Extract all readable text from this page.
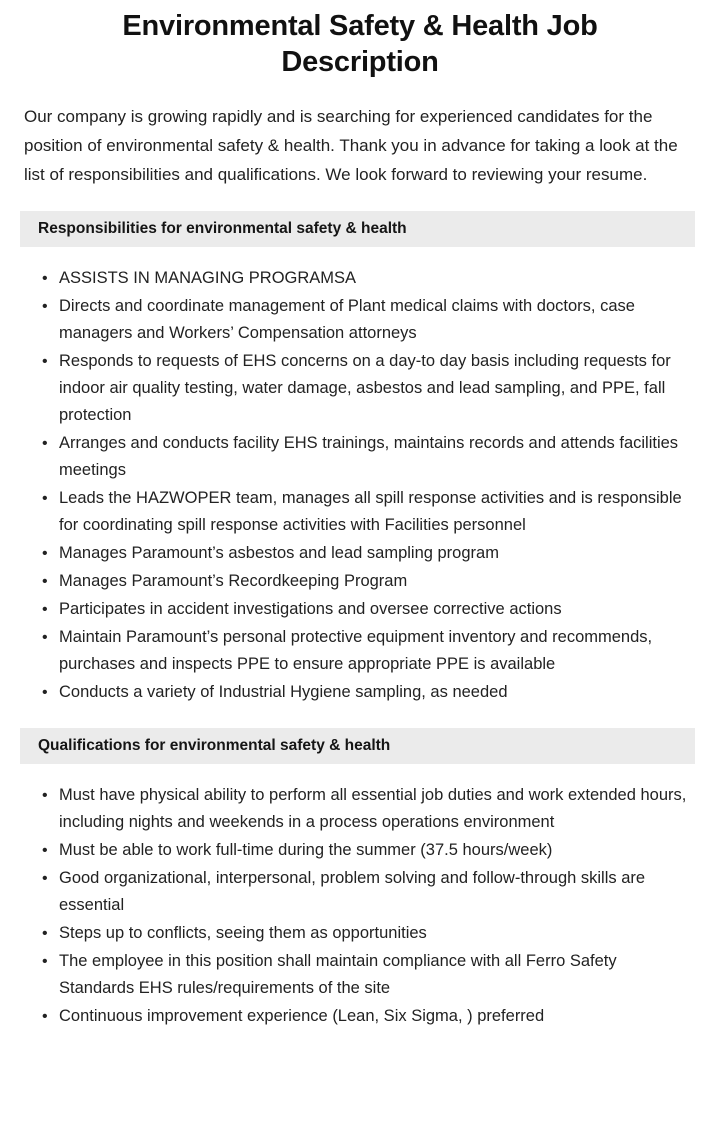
Environmental Safety & Health Job Description

Our company is growing rapidly and is searching for experienced candidates for the position of environmental safety & health. Thank you in advance for taking a look at the list of responsibilities and qualifications. We look forward to reviewing your resume.

Responsibilities for environmental safety & health
• ASSISTS IN MANAGING PROGRAMSA
• Directs and coordinate management of Plant medical claims with doctors, case managers and Workers’ Compensation attorneys
• Responds to requests of EHS concerns on a day-to day basis including requests for indoor air quality testing, water damage, asbestos and lead sampling, and PPE, fall protection
• Arranges and conducts facility EHS trainings, maintains records and attends facilities meetings
• Leads the HAZWOPER team, manages all spill response activities and is responsible for coordinating spill response activities with Facilities personnel
• Manages Paramount’s asbestos and lead sampling program
• Manages Paramount’s Recordkeeping Program
• Participates in accident investigations and oversee corrective actions
• Maintain Paramount’s personal protective equipment inventory and recommends, purchases and inspects PPE to ensure appropriate PPE is available
• Conducts a variety of Industrial Hygiene sampling, as needed
Qualifications for environmental safety & health
• Must have physical ability to perform all essential job duties and work extended hours, including nights and weekends in a process operations environment
• Must be able to work full-time during the summer (37.5 hours/week)
• Good organizational, interpersonal, problem solving and follow-through skills are essential
• Steps up to conflicts, seeing them as opportunities
• The employee in this position shall maintain compliance with all Ferro Safety Standards EHS rules/requirements of the site
• Continuous improvement experience (Lean, Six Sigma, ) preferred
